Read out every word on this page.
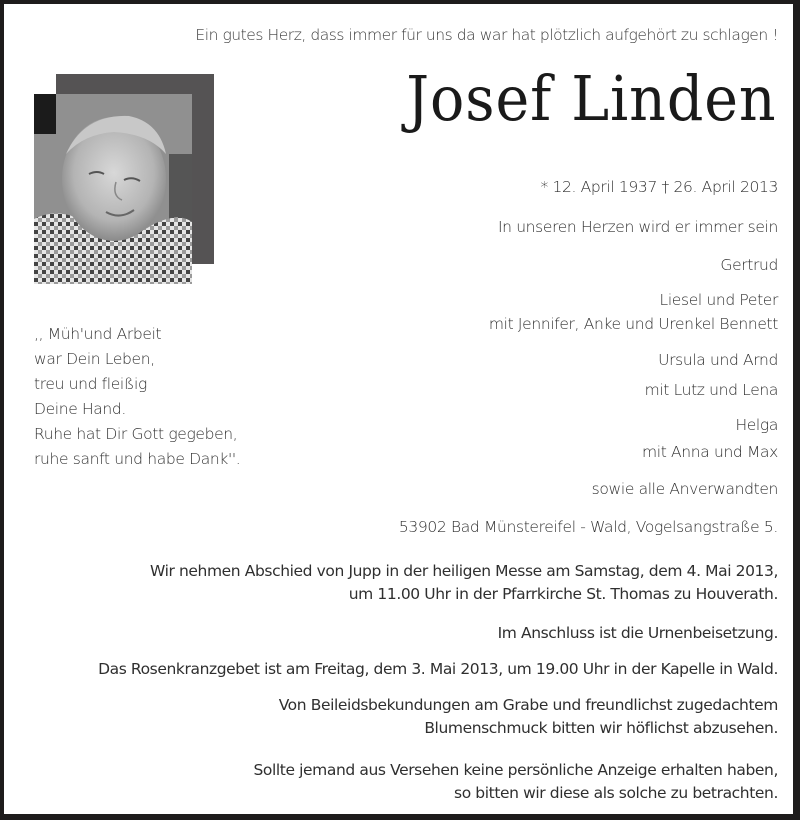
Ein gutes Herz, dass immer für uns da war hat plötzlich aufgehört zu schlagen !
Josef Linden
* 12. April 1937 † 26. April 2013
In unseren Herzen wird er immer sein
Gertrud
Liesel und Peter
mit Jennifer, Anke und Urenkel Bennett
Ursula und Arnd
mit Lutz und Lena
Helga
mit Anna und Max
sowie alle Anverwandten
53902 Bad Münstereifel - Wald, Vogelsangstraße 5.
,, Müh'und Arbeit
war Dein Leben,
treu und fleißig
Deine Hand.
Ruhe hat Dir Gott gegeben,
ruhe sanft und habe Dank''.
Wir nehmen Abschied von Jupp in der heiligen Messe am Samstag, dem 4. Mai 2013,
um 11.00 Uhr in der Pfarrkirche St. Thomas zu Houverath.
Im Anschluss ist die Urnenbeisetzung.
Das Rosenkranzgebet ist am Freitag, dem 3. Mai 2013, um 19.00 Uhr in der Kapelle in Wald.
Von Beileidsbekundungen am Grabe und freundlichst zugedachtem
Blumenschmuck bitten wir höflichst abzusehen.
Sollte jemand aus Versehen keine persönliche Anzeige erhalten haben,
so bitten wir diese als solche zu betrachten.
